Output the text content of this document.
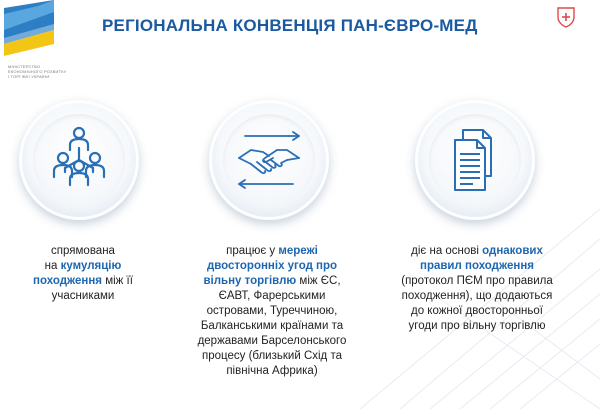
МІНІСТЕРСТВО
ЕКОНОМІЧНОГО РОЗВИТКУ
І ТОРГІВЛІ УКРАЇНИ
РЕГІОНАЛЬНА КОНВЕНЦІЯ ПАН-ЄВРО-МЕД
спрямована
на кумуляцію
походження між її
учасниками
працює у мережі
двосторонніх угод про
вільну торгівлю між ЄС,
ЄАВТ, Фарерськими
островами, Туреччиною,
Балканськими країнами та
державами Барселонського
процесу (близький Схід та
північна Африка)
діє на основі однакових
правил походження
(протокол ПЄМ про правила
походження), що додаються
до кожної двосторонньої
угоди про вільну торгівлю
